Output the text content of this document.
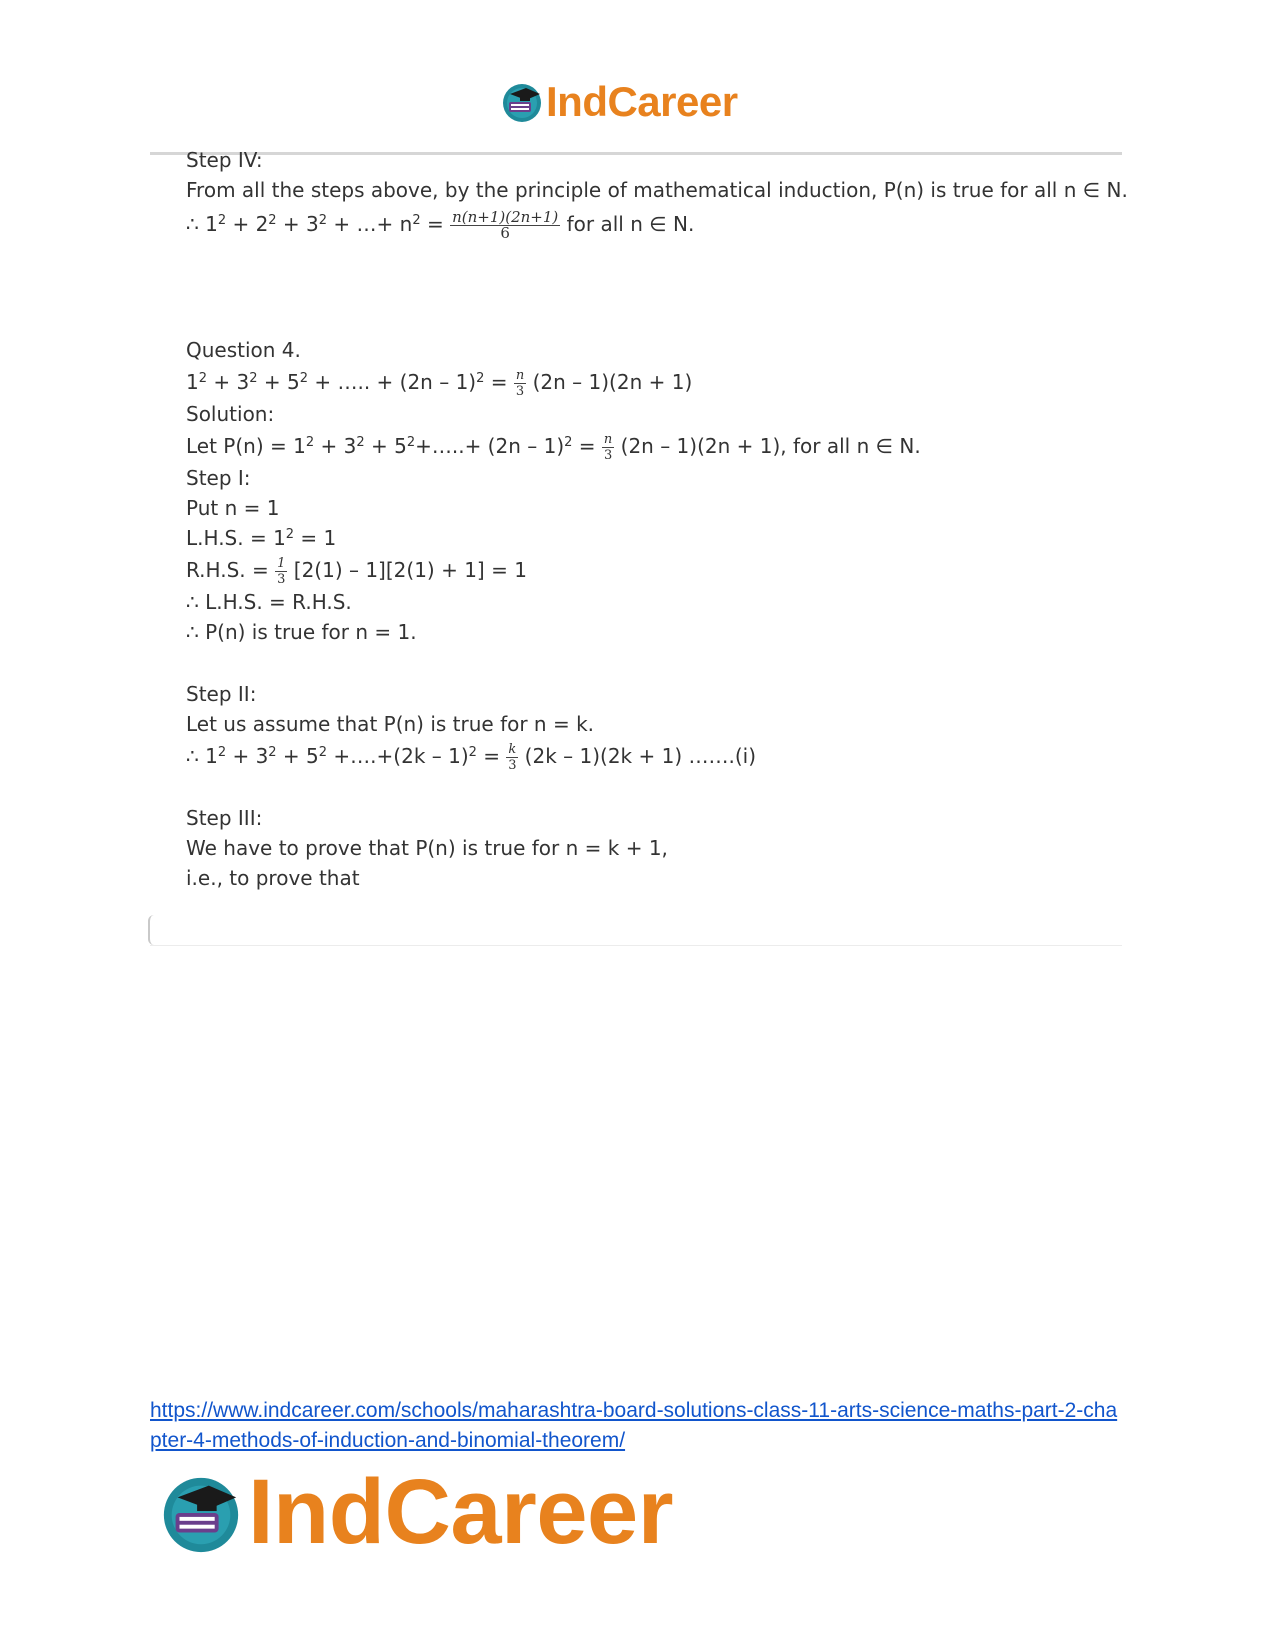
IndCareer
Step IV:
From all the steps above, by the principle of mathematical induction, P(n) is true for all n ∈ N.
∴ $1^2 + 2^2 + 3^2$ + …+ $n^2 = \frac{n(n+1)(2n+1)}{6}$ for all n ∈ N.
Question 4.
$1^2 + 3^2 + 5^2$ + ….. + $(2n - 1)^2 = \frac{n}{3} (2n - 1)(2n + 1)$
Solution:
Let $P(n) = 1^2 + 3^2$ + $5^2+\dots..+ (2n - 1)^2 = \frac{n}{3} (2n - 1)(2n + 1)$, for all n ∈ N.
Step I:
Put n = 1
L.H.S. = $1^2 = 1$
R.H.S. = $\frac{1}{3} [2(1) - 1][2(1) + 1] = 1$
∴ L.H.S. = R.H.S.
∴ P(n) is true for n = 1.
Step II:
Let us assume that P(n) is true for n = k.
∴ $1^2 + 3^2 + 5^2$ +….+(2k – $1)^2 = \frac{k}{3} (2k - 1)(2k + 1)$ …….(i)
Step III:
We have to prove that P(n) is true for n = k + 1,
i.e., to prove that
https://www.indcareer.com/schools/maharashtra-board-solutions-class-11-arts-science-maths-part-2-chapter-4-methods-of-induction-and-binomial-theorem/
IndCareer
